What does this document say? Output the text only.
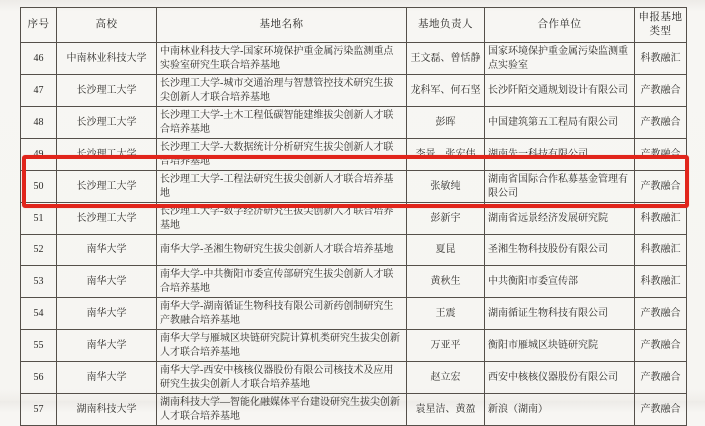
序号	高校	基地名称	基地负责人	合作单位	申报基地类型
46	中南林业科技大学	中南林业科技大学-国家环境保护重金属污染监测重点实验室研究生联合培养基地	王文磊、曾恬静	国家环境保护重金属污染监测重点实验室	科教融汇
47	长沙理工大学	长沙理工大学-城市交通治理与智慧管控技术研究生拔尖创新人才联合培养基地	龙科军、何石坚	长沙阡陌交通规划设计有限公司	产教融合
48	长沙理工大学	长沙理工大学-土木工程低碳智能建维拔尖创新人才联合培养基地	彭晖	中国建筑第五工程局有限公司	产教融合
49	长沙理工大学	长沙理工大学-大数据统计分析研究生拔尖创新人才联合培养基地	李景、张宏伟	湖南先一科技有限公司	产教融合
50	长沙理工大学	长沙理工大学-工程法研究生拔尖创新人才联合培养基地	张敏纯	湖南省国际合作私募基金管理有限公司	产教融合
51	长沙理工大学	长沙理工大学-数字经济研究生拔尖创新人才联合培养基地	彭新宇	湖南省远景经济发展研究院	科教融汇
52	南华大学	南华大学-圣湘生物研究生拔尖创新人才联合培养基地	夏昆	圣湘生物科技股份有限公司	科教融汇
53	南华大学	南华大学-中共衡阳市委宣传部研究生拔尖创新人才联合培养基地	黄秋生	中共衡阳市委宣传部	科教融汇
54	南华大学	南华大学-湖南循证生物科技有限公司新药创制研究生产教融合培养基地	王震	湖南循证生物科技有限公司	产教融合
55	南华大学	南华大学与雁城区块链研究院计算机类研究生拔尖创新人才联合培养基地	万亚平	衡阳市雁城区块链研究院	产教融合
56	南华大学	南华大学-西安中核核仪器股份有限公司核技术及应用研究生拔尖创新人才联合培养基地	赵立宏	西安中核核仪器股份有限公司	产教融合
57	湖南科技大学	湖南科技大学—智能化融媒体平台建设研究生拔尖创新人才联合培养基地	袁星洁、黄盈	新浪（湖南）	产教融合
